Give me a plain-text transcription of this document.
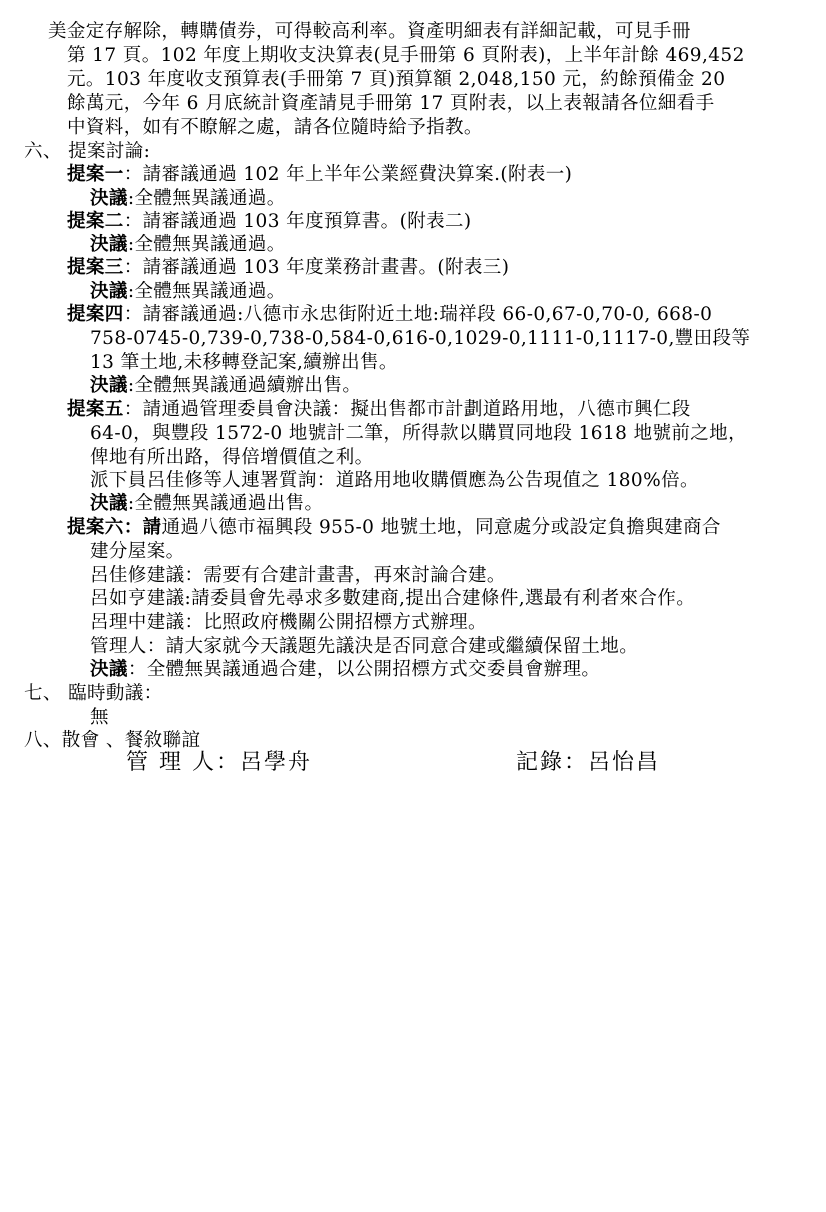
美金定存解除，轉購債券，可得較高利率。資產明細表有詳細記載，可見手冊
第 17 頁。102 年度上期收支決算表(見手冊第 6 頁附表)，上半年計餘 469,452
元。103 年度收支預算表(手冊第 7 頁)預算額 2,048,150 元，約餘預備金 20
餘萬元，今年 6 月底統計資產請見手冊第 17 頁附表，以上表報請各位細看手
中資料，如有不瞭解之處，請各位隨時給予指教。
六、 提案討論:
提案一：請審議通過 102 年上半年公業經費決算案.(附表一)
決議:全體無異議通過。
提案二：請審議通過 103 年度預算書。(附表二)
決議:全體無異議通過。
提案三：請審議通過 103 年度業務計畫書。(附表三)
決議:全體無異議通過。
提案四：請審議通過:八德市永忠街附近土地:瑞祥段 66-0,67-0,70-0, 668-0
758-0745-0,739-0,738-0,584-0,616-0,1029-0,1111-0,1117-0,豐田段等
13 筆土地,未移轉登記案,續辦出售。
決議:全體無異議通過續辦出售。
提案五：請通過管理委員會決議：擬出售都市計劃道路用地，八德市興仁段
64-0，與豐段 1572-0 地號計二筆，所得款以購買同地段 1618 地號前之地，
俾地有所出路，得倍增價值之利。
派下員呂佳修等人連署質詢：道路用地收購價應為公告現值之 180%倍。
決議:全體無異議通過出售。
提案六：請通過八德市福興段 955-0 地號土地，同意處分或設定負擔與建商合
建分屋案。
呂佳修建議：需要有合建計畫書，再來討論合建。
呂如亨建議:請委員會先尋求多數建商,提出合建條件,選最有利者來合作。
呂理中建議：比照政府機關公開招標方式辦理。
管理人：請大家就今天議題先議決是否同意合建或繼續保留土地。
決議：全體無異議通過合建，以公開招標方式交委員會辦理。
七、 臨時動議：
無
八、散會 、餐敘聯誼
管 理 人：呂學舟	記錄：呂怡昌
